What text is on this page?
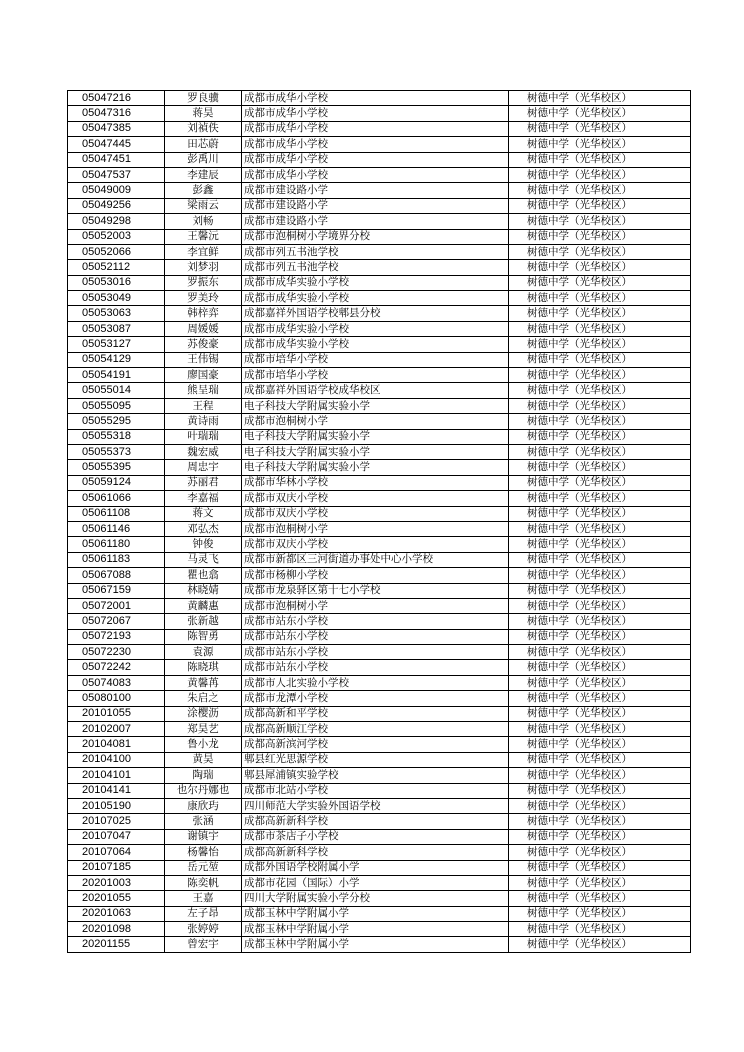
05047216	罗良骥	成都市成华小学校	树德中学（光华校区）
05047316	蒋昊	成都市成华小学校	树德中学（光华校区）
05047385	刘禎佚	成都市成华小学校	树德中学（光华校区）
05047445	田芯蔚	成都市成华小学校	树德中学（光华校区）
05047451	彭禹川	成都市成华小学校	树德中学（光华校区）
05047537	李建辰	成都市成华小学校	树德中学（光华校区）
05049009	彭鑫	成都市建设路小学	树德中学（光华校区）
05049256	梁雨云	成都市建设路小学	树德中学（光华校区）
05049298	刘畅	成都市建设路小学	树德中学（光华校区）
05052003	王馨沅	成都市泡桐树小学境界分校	树德中学（光华校区）
05052066	李宜鲜	成都市列五书池学校	树德中学（光华校区）
05052112	刘梦羽	成都市列五书池学校	树德中学（光华校区）
05053016	罗振东	成都市成华实验小学校	树德中学（光华校区）
05053049	罗美玲	成都市成华实验小学校	树德中学（光华校区）
05053063	韩梓弈	成都嘉祥外国语学校郫县分校	树德中学（光华校区）
05053087	周媛媛	成都市成华实验小学校	树德中学（光华校区）
05053127	苏俊豪	成都市成华实验小学校	树德中学（光华校区）
05054129	王伟锡	成都市培华小学校	树德中学（光华校区）
05054191	廖国豪	成都市培华小学校	树德中学（光华校区）
05055014	熊呈瑞	成都嘉祥外国语学校成华校区	树德中学（光华校区）
05055095	王程	电子科技大学附属实验小学	树德中学（光华校区）
05055295	黄诗雨	成都市泡桐树小学	树德中学（光华校区）
05055318	叶瑞瑞	电子科技大学附属实验小学	树德中学（光华校区）
05055373	魏宏威	电子科技大学附属实验小学	树德中学（光华校区）
05055395	周忠宇	电子科技大学附属实验小学	树德中学（光华校区）
05059124	苏丽君	成都市华林小学校	树德中学（光华校区）
05061066	李嘉福	成都市双庆小学校	树德中学（光华校区）
05061108	蒋文	成都市双庆小学校	树德中学（光华校区）
05061146	邓弘杰	成都市泡桐树小学	树德中学（光华校区）
05061180	钟俊	成都市双庆小学校	树德中学（光华校区）
05061183	马灵飞	成都市新都区三河街道办事处中心小学校	树德中学（光华校区）
05067088	瞿也翕	成都市杨柳小学校	树德中学（光华校区）
05067159	林晓婧	成都市龙泉驿区第十七小学校	树德中学（光华校区）
05072001	黄麟惠	成都市泡桐树小学	树德中学（光华校区）
05072067	张新越	成都市站东小学校	树德中学（光华校区）
05072193	陈智勇	成都市站东小学校	树德中学（光华校区）
05072230	袁源	成都市站东小学校	树德中学（光华校区）
05072242	陈晓琪	成都市站东小学校	树德中学（光华校区）
05074083	黄馨苒	成都市人北实验小学校	树德中学（光华校区）
05080100	朱启之	成都市龙潭小学校	树德中学（光华校区）
20101055	涂樱沥	成都高新和平学校	树德中学（光华校区）
20102007	郑昊艺	成都高新顺江学校	树德中学（光华校区）
20104081	鲁小龙	成都高新滨河学校	树德中学（光华校区）
20104100	黄昊	郫县红光思源学校	树德中学（光华校区）
20104101	陶瑞	郫县犀浦镇实验学校	树德中学（光华校区）
20104141	也尔丹娜也	成都市北站小学校	树德中学（光华校区）
20105190	康欣玙	四川师范大学实验外国语学校	树德中学（光华校区）
20107025	张涵	成都高新新科学校	树德中学（光华校区）
20107047	谢镇宇	成都市茶店子小学校	树德中学（光华校区）
20107064	杨馨怡	成都高新新科学校	树德中学（光华校区）
20107185	岳元堃	成都外国语学校附属小学	树德中学（光华校区）
20201003	陈奕帆	成都市花园（国际）小学	树德中学（光华校区）
20201055	王嘉	四川大学附属实验小学分校	树德中学（光华校区）
20201063	左子昂	成都玉林中学附属小学	树德中学（光华校区）
20201098	张婷婷	成都玉林中学附属小学	树德中学（光华校区）
20201155	曾宏宇	成都玉林中学附属小学	树德中学（光华校区）
